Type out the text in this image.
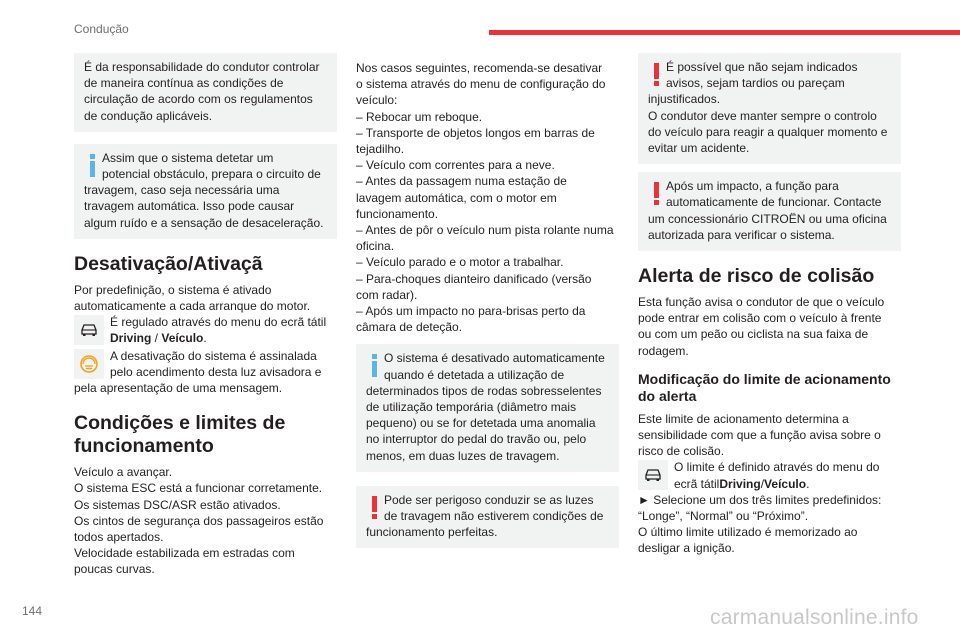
Condução
É da responsabilidade do condutor controlar
de maneira contínua as condições de
circulação de acordo com os regulamentos
de condução aplicáveis.
Assim que o sistema detetar um
potencial obstáculo, prepara o circuito de
travagem, caso seja necessária uma
travagem automática. Isso pode causar
algum ruído e a sensação de desaceleração.
Desativação/Ativaçã

Por predefinição, o sistema é ativado
automaticamente a cada arranque do motor.

É regulado através do menu do ecrã tátil
Driving / Veículo.

A desativação do sistema é assinalada
pelo acendimento desta luz avisadora e

pela apresentação de uma mensagem.

Condições e limites de funcionamento

Veículo a avançar.
O sistema ESC está a funcionar corretamente.
Os sistemas DSC/ASR estão ativados.
Os cintos de segurança dos passageiros estão
todos apertados.
Velocidade estabilizada em estradas com
poucas curvas.

Nos casos seguintes, recomenda-se desativar
o sistema através do menu de configuração do
veículo:
– Rebocar um reboque.
– Transporte de objetos longos em barras de
tejadilho.
– Veículo com correntes para a neve.
– Antes da passagem numa estação de
lavagem automática, com o motor em
funcionamento.
– Antes de pôr o veículo num pista rolante numa
oficina.
– Veículo parado e o motor a trabalhar.
– Para-choques dianteiro danificado (versão
com radar).
– Após um impacto no para-brisas perto da
câmara de deteção.

O sistema é desativado automaticamente
quando é detetada a utilização de
determinados tipos de rodas sobresselentes
de utilização temporária (diâmetro mais
pequeno) ou se for detetada uma anomalia
no interruptor do pedal do travão ou, pelo
menos, em duas luzes de travagem.
Pode ser perigoso conduzir se as luzes
de travagem não estiverem condições de
funcionamento perfeitas.
É possível que não sejam indicados
avisos, sejam tardios ou pareçam
injustificados.
O condutor deve manter sempre o controlo
do veículo para reagir a qualquer momento e
evitar um acidente.
Após um impacto, a função para
automaticamente de funcionar. Contacte
um concessionário CITROËN ou uma oficina
autorizada para verificar o sistema.
Alerta de risco de colisão

Esta função avisa o condutor de que o veículo
pode entrar em colisão com o veículo à frente
ou com um peão ou ciclista na sua faixa de
rodagem.

Modificação do limite de acionamento do alerta

Este limite de acionamento determina a
sensibilidade com que a função avisa sobre o
risco de colisão.

O limite é definido através do menu do
ecrã tátilDriving/Veículo.

► Selecione um dos três limites predefinidos:
“Longe”, “Normal” ou “Próximo”.
O último limite utilizado é memorizado ao
desligar a ignição.

144	carmanualsonline.info
